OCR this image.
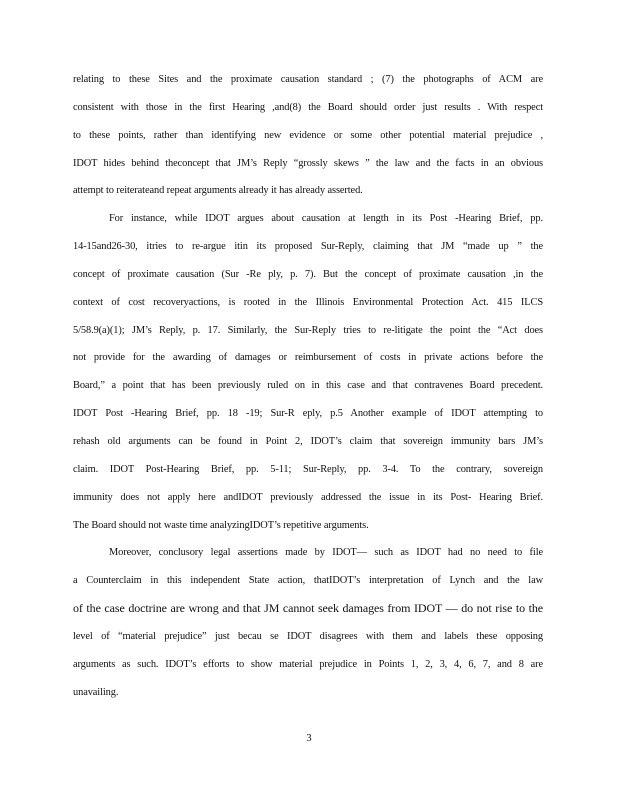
relating to these Sites and the proximate causation standard ; (7) the photographs of ACM are
consistent with those in the first Hearing ,and(8) the Board should order just results . With respect
to these points, rather than identifying new evidence or some other potential material prejudice ,
IDOT hides behind theconcept that JM’s Reply “grossly skews ” the law and the facts in an obvious
attempt to reiterateand repeat arguments already it has already asserted.
For instance, while IDOT argues about causation at length in its Post -Hearing Brief, pp.
14-15and26-30, itries to re-argue itin its proposed Sur-Reply, claiming that JM “made up ” the
concept of proximate causation (Sur -Re ply, p. 7). But the concept of proximate causation ,in the
context of cost recoveryactions, is rooted in the Illinois Environmental Protection Act. 415 ILCS
5/58.9(a)(1); JM’s Reply, p. 17. Similarly, the Sur-Reply tries to re-litigate the point the “Act does
not provide for the awarding of damages or reimbursement of costs in private actions before the
Board,” a point that has been previously ruled on in this case and that contravenes Board precedent.
IDOT Post -Hearing Brief, pp. 18 -19; Sur-R eply, p.5 Another example of IDOT attempting to
rehash old arguments can be found in Point 2, IDOT’s claim that sovereign immunity bars JM’s
claim. IDOT Post-Hearing Brief, pp. 5-11; Sur-Reply, pp. 3-4. To the contrary, sovereign
immunity does not apply here andIDOT previously addressed the issue in its Post- Hearing Brief.
The Board should not waste time analyzingIDOT’s repetitive arguments.
Moreover, conclusory legal assertions made by IDOT— such as IDOT had no need to file
a Counterclaim in this independent State action, thatIDOT’s interpretation of Lynch and the law
of the case doctrine are wrong and that JM cannot seek damages from IDOT — do not rise to the
level of “material prejudice” just becau se IDOT disagrees with them and labels these opposing
arguments as such. IDOT’s efforts to show material prejudice in Points 1, 2, 3, 4, 6, 7, and 8 are
unavailing.
3
